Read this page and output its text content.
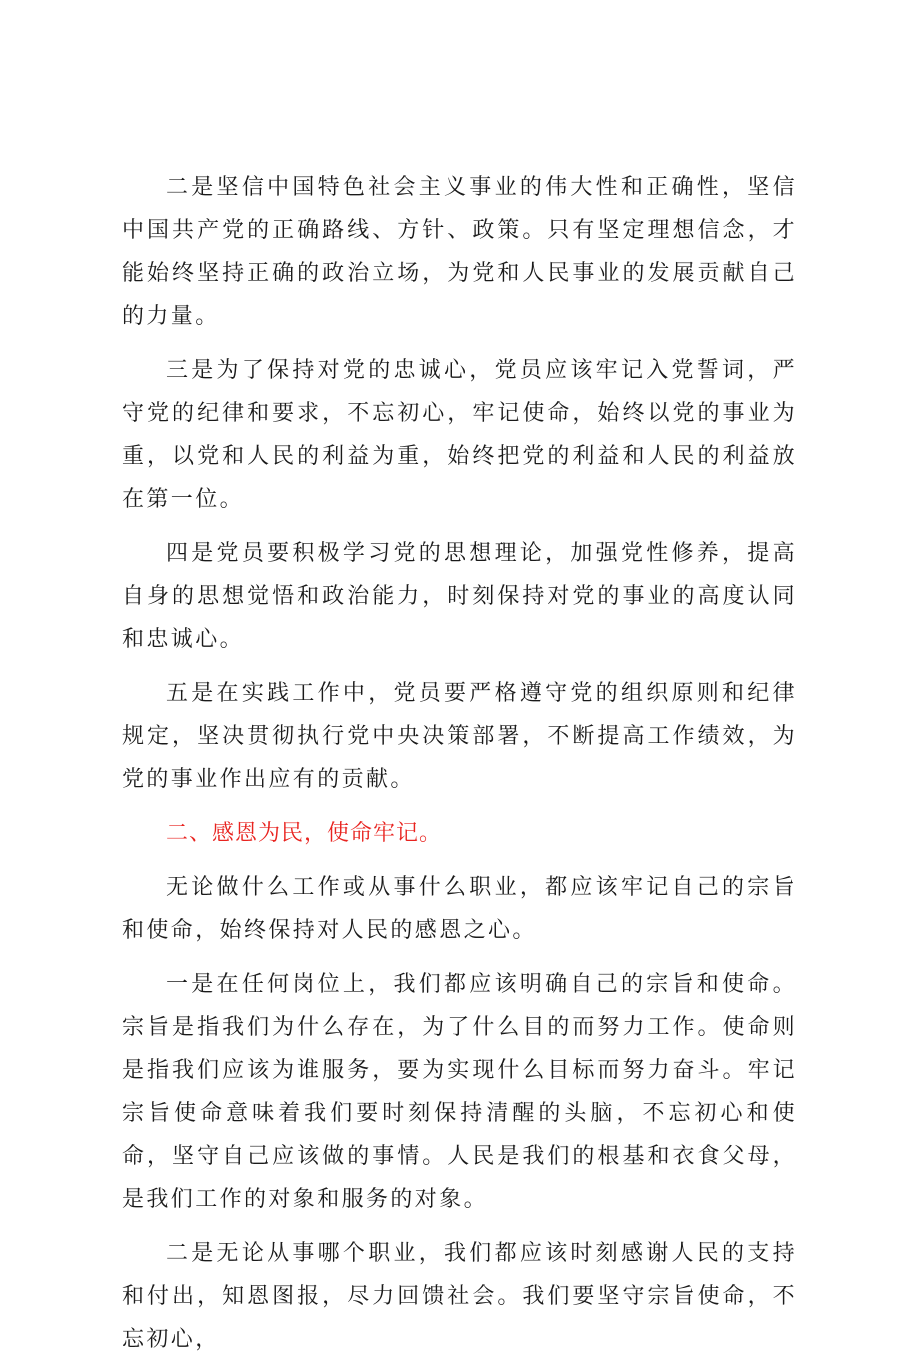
二是坚信中国特色社会主义事业的伟大性和正确性，坚信中国共产党的正确路线、方针、政策。只有坚定理想信念，才能始终坚持正确的政治立场，为党和人民事业的发展贡献自己的力量。

三是为了保持对党的忠诚心，党员应该牢记入党誓词，严守党的纪律和要求，不忘初心，牢记使命，始终以党的事业为重，以党和人民的利益为重，始终把党的利益和人民的利益放在第一位。

四是党员要积极学习党的思想理论，加强党性修养，提高自身的思想觉悟和政治能力，时刻保持对党的事业的高度认同和忠诚心。

五是在实践工作中，党员要严格遵守党的组织原则和纪律规定，坚决贯彻执行党中央决策部署，不断提高工作绩效，为党的事业作出应有的贡献。

二、感恩为民，使命牢记。

无论做什么工作或从事什么职业，都应该牢记自己的宗旨和使命，始终保持对人民的感恩之心。

一是在任何岗位上，我们都应该明确自己的宗旨和使命。宗旨是指我们为什么存在，为了什么目的而努力工作。使命则是指我们应该为谁服务，要为实现什么目标而努力奋斗。牢记宗旨使命意味着我们要时刻保持清醒的头脑，不忘初心和使命，坚守自己应该做的事情。人民是我们的根基和衣食父母，是我们工作的对象和服务的对象。

二是无论从事哪个职业，我们都应该时刻感谢人民的支持和付出，知恩图报，尽力回馈社会。我们要坚守宗旨使命，不忘初心，
